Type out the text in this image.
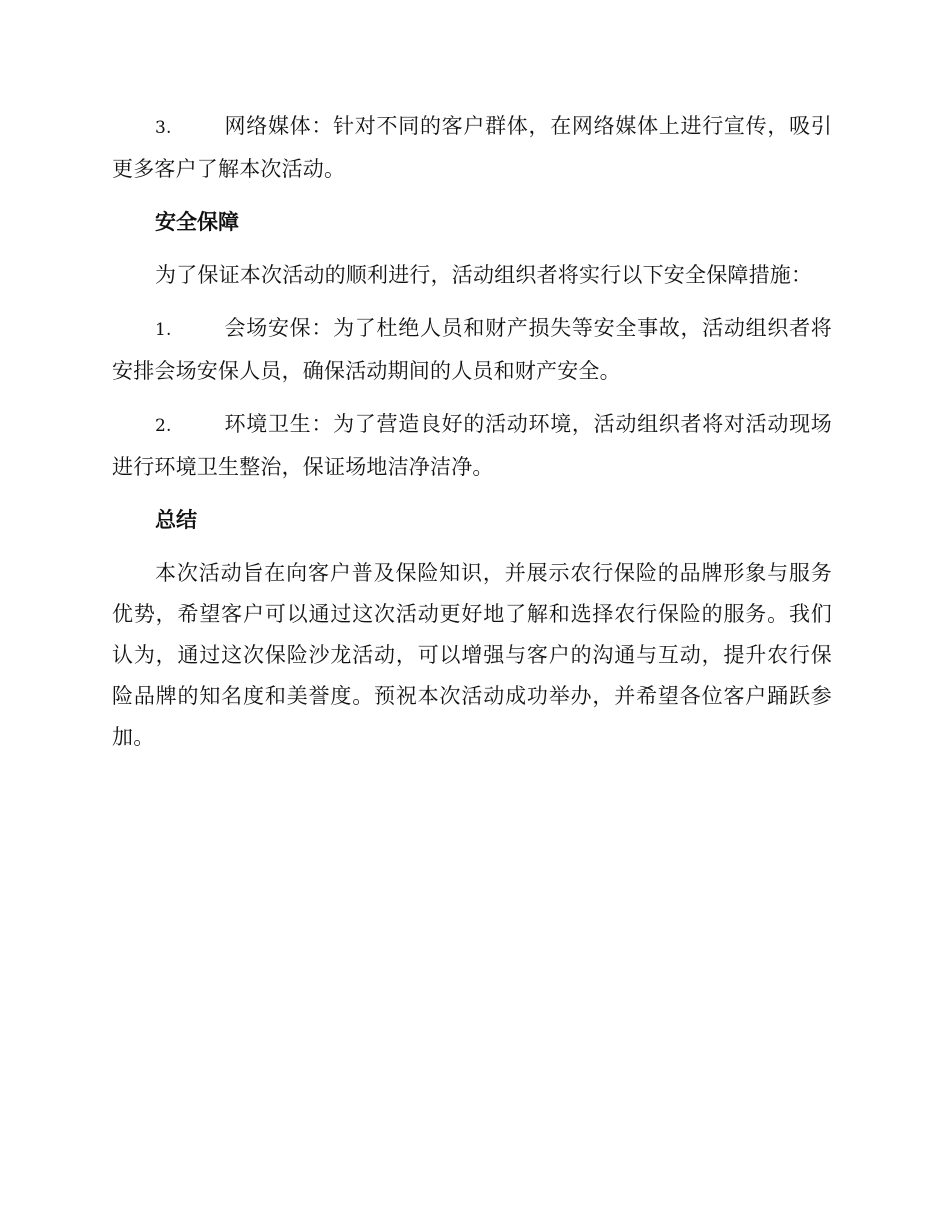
3. 网络媒体：针对不同的客户群体，在网络媒体上进行宣传，吸引更多客户了解本次活动。

安全保障

为了保证本次活动的顺利进行，活动组织者将实行以下安全保障措施：

1. 会场安保：为了杜绝人员和财产损失等安全事故，活动组织者将安排会场安保人员，确保活动期间的人员和财产安全。

2. 环境卫生：为了营造良好的活动环境，活动组织者将对活动现场进行环境卫生整治，保证场地洁净洁净。

总结

本次活动旨在向客户普及保险知识，并展示农行保险的品牌形象与服务优势，希望客户可以通过这次活动更好地了解和选择农行保险的服务。我们认为，通过这次保险沙龙活动，可以增强与客户的沟通与互动，提升农行保险品牌的知名度和美誉度。预祝本次活动成功举办，并希望各位客户踊跃参加。
